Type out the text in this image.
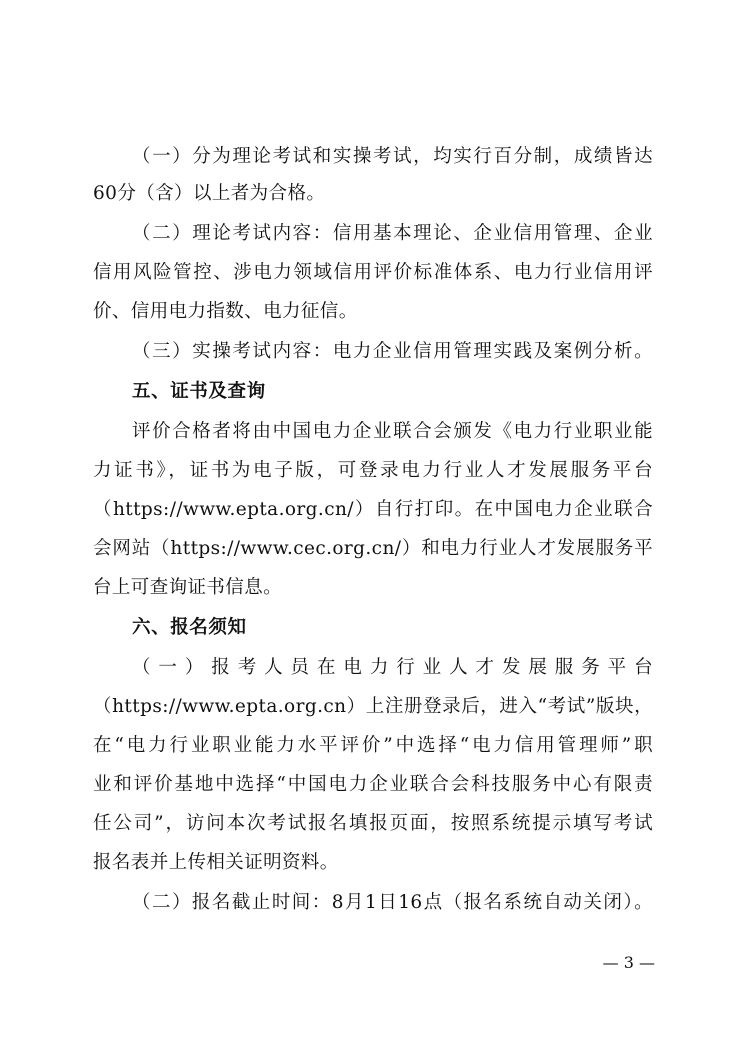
（一）分为理论考试和实操考试，均实行百分制，成绩皆达
60分（含）以上者为合格。
（二）理论考试内容：信用基本理论、企业信用管理、企业
信用风险管控、涉电力领域信用评价标准体系、电力行业信用评
价、信用电力指数、电力征信。
（三）实操考试内容：电力企业信用管理实践及案例分析。
五、证书及查询
评价合格者将由中国电力企业联合会颁发《电力行业职业能
力证书》，证书为电子版，可登录电力行业人才发展服务平台
（https://www.epta.org.cn/）自行打印。在中国电力企业联合
会网站（https://www.cec.org.cn/）和电力行业人才发展服务平
台上可查询证书信息。
六、报名须知
（一）报考人员在电力行业人才发展服务平台
（https://www.epta.org.cn）上注册登录后，进入“考试”版块，
在“电力行业职业能力水平评价”中选择“电力信用管理师”职
业和评价基地中选择“中国电力企业联合会科技服务中心有限责
任公司”，访问本次考试报名填报页面，按照系统提示填写考试
报名表并上传相关证明资料。
（二）报名截止时间：8月1日16点（报名系统自动关闭）。
— 3 —
